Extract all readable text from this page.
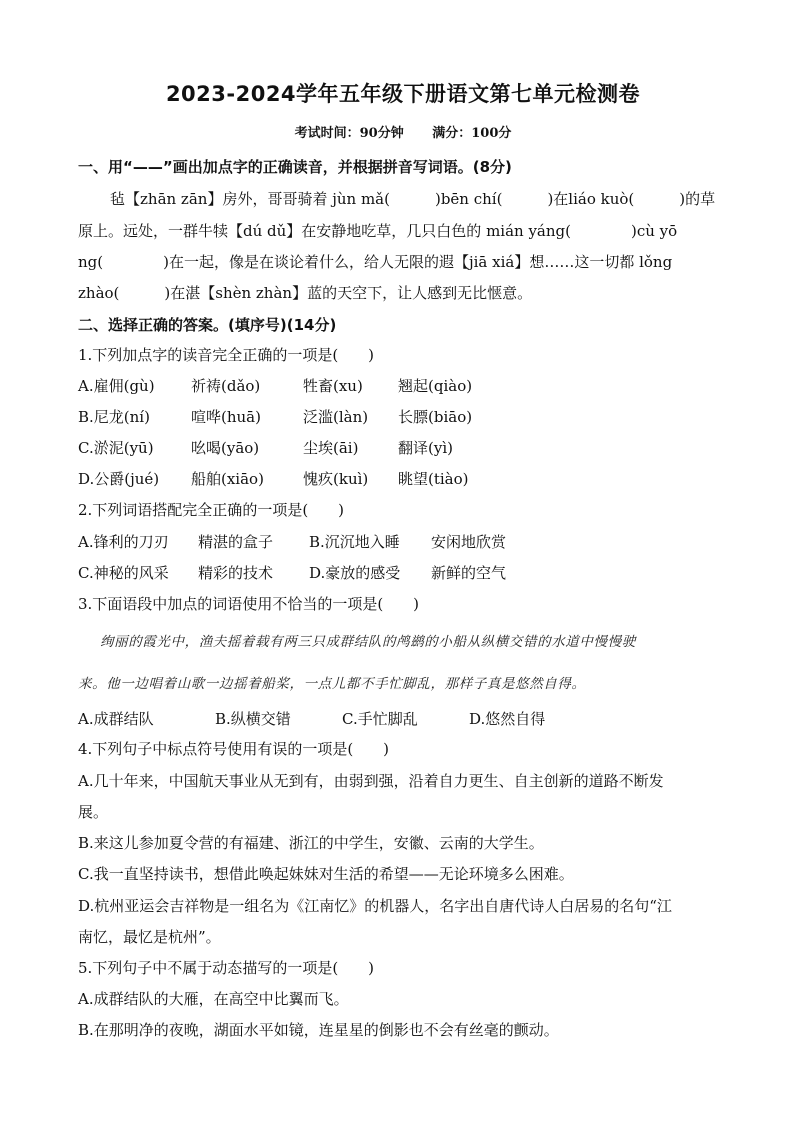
2023-2024学年五年级下册语文第七单元检测卷
考试时间：90分钟 满分：100分
一、用“——”画出加点字的正确读音，并根据拼音写词语。(8分)
毡【zhān zān】房外，哥哥骑着 jùn mǎ(　　　)bēn chí(　　　)在liáo kuò(　　　)的草
原上。远处，一群牛犊【dú dǔ】在安静地吃草，几只白色的 mián yáng(　　　　)cù yō
ng(　　　　)在一起，像是在谈论着什么，给人无限的遐【jiā xiá】想……这一切都 lǒng
zhào(　　　)在湛【shèn zhàn】蓝的天空下，让人感到无比惬意。
二、选择正确的答案。(填序号)(14分)
1.下列加点字的读音完全正确的一项是(　　)
A.雇佣(gù) 祈祷(dǎo)	牲畜(xu) 翘起(qiào)
B.尼龙(ní)	喧哗(huā)	泛滥(làn) 长膘(biāo)
C.淤泥(yū) 吆喝(yāo)	尘埃(āi)	翻译(yì)
D.公爵(jué) 船舶(xiāo)	愧疚(kuì) 眺望(tiào)
2.下列词语搭配完全正确的一项是(　　)
A.锋利的刀刃 精湛的盒子 B.沉沉地入睡 安闲地欣赏
C.神秘的风采 精彩的技术 D.豪放的感受 新鲜的空气
3.下面语段中加点的词语使用不恰当的一项是(　　)
绚丽的霞光中，渔夫摇着载有两三只成群结队的鸬鹚的小船从纵横交错的水道中慢慢驶
来。他一边唱着山歌一边摇着船桨，一点儿都不手忙脚乱，那样子真是悠然自得。
A.成群结队	B.纵横交错	C.手忙脚乱	D.悠然自得
4.下列句子中标点符号使用有误的一项是(　　)
A.几十年来，中国航天事业从无到有，由弱到强，沿着自力更生、自主创新的道路不断发
展。
B.来这儿参加夏令营的有福建、浙江的中学生，安徽、云南的大学生。
C.我一直坚持读书，想借此唤起妹妹对生活的希望——无论环境多么困难。
D.杭州亚运会吉祥物是一组名为《江南忆》的机器人，名字出自唐代诗人白居易的名句“江
南忆，最忆是杭州”。
5.下列句子中不属于动态描写的一项是(　　)
A.成群结队的大雁，在高空中比翼而飞。
B.在那明净的夜晚，湖面水平如镜，连星星的倒影也不会有丝毫的颤动。
